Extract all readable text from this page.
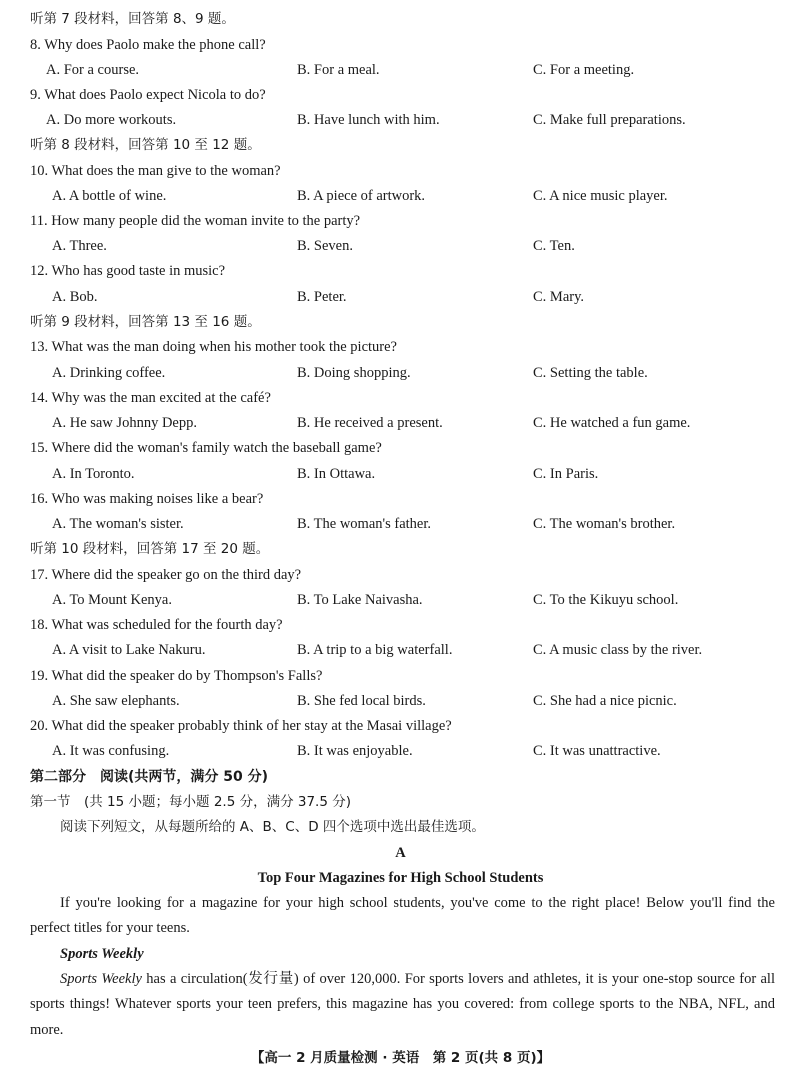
听第 7 段材料，回答第 8、9 题。
8. Why does Paolo make the phone call?
A. For a course.	B. For a meal.	C. For a meeting.
9. What does Paolo expect Nicola to do?
A. Do more workouts.	B. Have lunch with him.	C. Make full preparations.
听第 8 段材料，回答第 10 至 12 题。
10. What does the man give to the woman?
A. A bottle of wine.	B. A piece of artwork.	C. A nice music player.
11. How many people did the woman invite to the party?
A. Three.	B. Seven.	C. Ten.
12. Who has good taste in music?
A. Bob.	B. Peter.	C. Mary.
听第 9 段材料，回答第 13 至 16 题。
13. What was the man doing when his mother took the picture?
A. Drinking coffee.	B. Doing shopping.	C. Setting the table.
14. Why was the man excited at the café?
A. He saw Johnny Depp.	B. He received a present.	C. He watched a fun game.
15. Where did the woman's family watch the baseball game?
A. In Toronto.	B. In Ottawa.	C. In Paris.
16. Who was making noises like a bear?
A. The woman's sister.	B. The woman's father.	C. The woman's brother.
听第 10 段材料，回答第 17 至 20 题。
17. Where did the speaker go on the third day?
A. To Mount Kenya.	B. To Lake Naivasha.	C. To the Kikuyu school.
18. What was scheduled for the fourth day?
A. A visit to Lake Nakuru.	B. A trip to a big waterfall.	C. A music class by the river.
19. What did the speaker do by Thompson's Falls?
A. She saw elephants.	B. She fed local birds.	C. She had a nice picnic.
20. What did the speaker probably think of her stay at the Masai village?
A. It was confusing.	B. It was enjoyable.	C. It was unattractive.
第二部分　阅读(共两节，满分 50 分)
第一节　(共 15 小题；每小题 2.5 分，满分 37.5 分)
阅读下列短文，从每题所给的 A、B、C、D 四个选项中选出最佳选项。
A
Top Four Magazines for High School Students
If you're looking for a magazine for your high school students, you've come to the right place! Below you'll find the perfect titles for your teens.
Sports Weekly
Sports Weekly has a circulation(发行量) of over 120,000. For sports lovers and athletes, it is your one-stop source for all sports things! Whatever sports your teen prefers, this magazine has you covered: from college sports to the NBA, NFL, and more.
【高一 2 月质量检测 · 英语　第 2 页(共 8 页)】
